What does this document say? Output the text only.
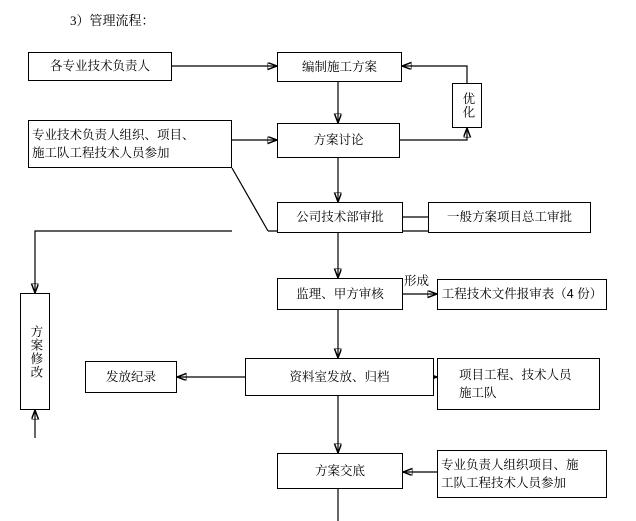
3）管理流程：
各专业技术负责人	编制施工方案
优化
专业技术负责人组织、项目、
施工队工程技术人员参加
方案讨论
公司技术部审批	一般方案项目总工审批
监理、甲方审核
形成
工程技术文件报审表（4 份）
方案修改	发放纪录	资料室发放、归档	项目工程、技术人员
施工队
方案交底	专业负责人组织项目、施
工队工程技术人员参加
